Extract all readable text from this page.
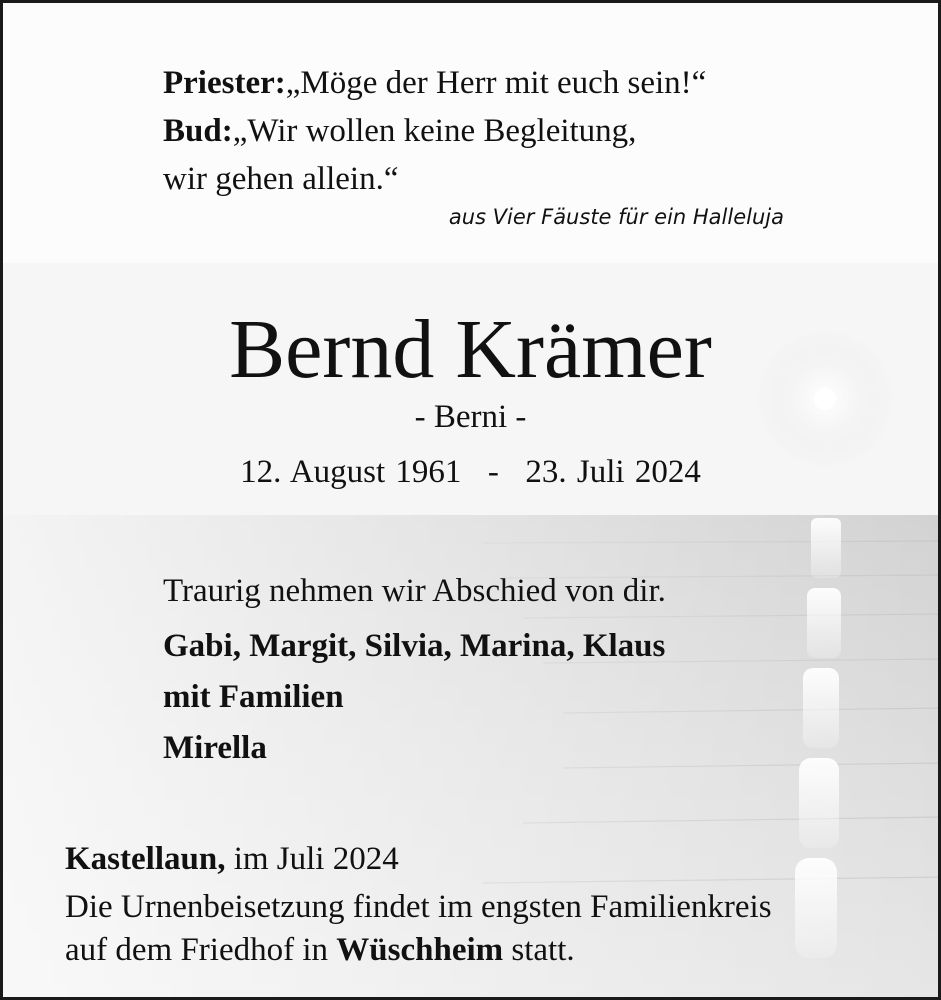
Priester:„Möge der Herr mit euch sein!“

Bud:„Wir wollen keine Begleitung,

wir gehen allein.“

aus Vier Fäuste für ein Halleluja

Bernd Krämer

- Berni -

12. August 1961 - 23. Juli 2024

Traurig nehmen wir Abschied von dir.

Gabi, Margit, Silvia, Marina, Klaus

mit Familien

Mirella

Kastellaun, im Juli 2024

Die Urnenbeisetzung findet im engsten Familienkreis

auf dem Friedhof in Wüschheim statt.
